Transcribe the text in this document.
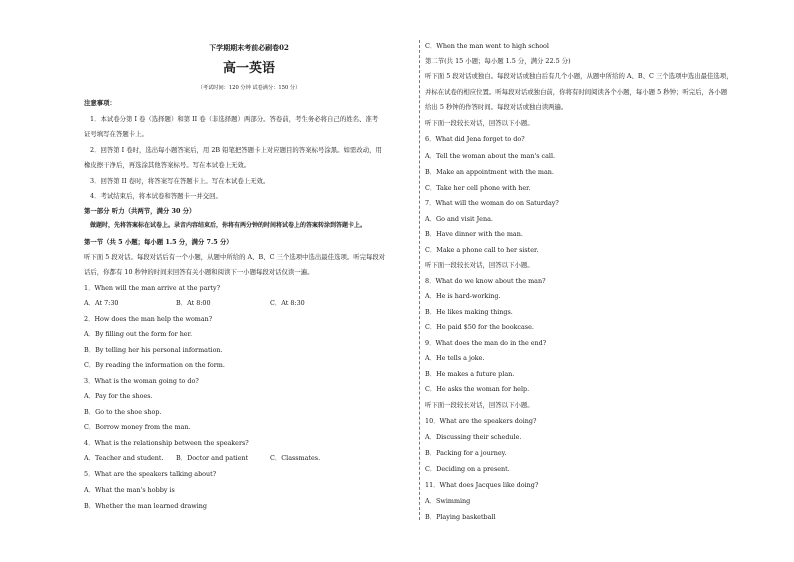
下学期期末考前必刷卷02
高一英语
（考试时间：120 分钟 试卷满分：150 分）
注意事项：
1．本试卷分第 I 卷（选择题）和第 II 卷（非选择题）两部分。答卷前，考生务必将自己的姓名、准考
证号填写在答题卡上。
2．回答第 I 卷时，选出每小题答案后，用 2B 铅笔把答题卡上对应题目的答案标号涂黑。如需改动，用
橡皮擦干净后，再选涂其他答案标号。写在本试卷上无效。
3．回答第 II 卷时，将答案写在答题卡上。写在本试卷上无效。
4．考试结束后，将本试卷和答题卡一并交回。
第一部分 听力（共两节，满分 30 分）
做题时，先将答案标在试卷上。录音内容结束后，你将有两分钟的时间将试卷上的答案转涂到答题卡上。
第一节（共 5 小题；每小题 1.5 分，满分 7.5 分）
听下面 5 段对话。每段对话后有一个小题，从题中所给的 A、B、C 三个选项中选出最佳选项。听完每段对
话后，你都有 10 秒钟的时间来回答有关小题和阅读下一小题每段对话仅读一遍。
1．When will the man arrive at the party?
A．At 7:30	B．At 8:00	C．At 8:30
2．How does the man help the woman?
A．By filling out the form for her.
B．By telling her his personal information.
C．By reading the information on the form.
3．What is the woman going to do?
A．Pay for the shoes.
B．Go to the shoe shop.
C．Borrow money from the man.
4．What is the relationship between the speakers?
A．Teacher and student. B．Doctor and patient	C．Classmates.
5．What are the speakers talking about?
A．What the man's hobby is
B．Whether the man learned drawing
C．When the man went to high school
第二节(共 15 小题；每小题 1.5 分，满分 22.5 分)
听下面 5 段对话或独白。每段对话或独白后有几个小题，从题中所给的 A、B、C 三个选项中选出最佳选项，
并标在试卷的相应位置。听每段对话或独白前，你将有时间阅读各个小题，每小题 5 秒钟；听完后，各小题
给出 5 秒钟的作答时间。每段对话或独白读两遍。
听下面一段较长对话，回答以下小题。
6．What did Jena forget to do?
A．Tell the woman about the man's call.
B．Make an appointment with the man.
C．Take her cell phone with her.
7．What will the woman do on Saturday?
A．Go and visit Jena.
B．Have dinner with the man.
C．Make a phone call to her sister.
听下面一段较长对话，回答以下小题。
8．What do we know about the man?
A．He is hard-working.
B．He likes making things.
C．He paid $50 for the bookcase.
9．What does the man do in the end?
A．He tells a joke.
B．He makes a future plan.
C．He asks the woman for help.
听下面一段较长对话，回答以下小题。
10．What are the speakers doing?
A．Discussing their schedule.
B．Packing for a journey.
C．Deciding on a present.
11．What does Jacques like doing?
A．Swimming
B．Playing basketball
